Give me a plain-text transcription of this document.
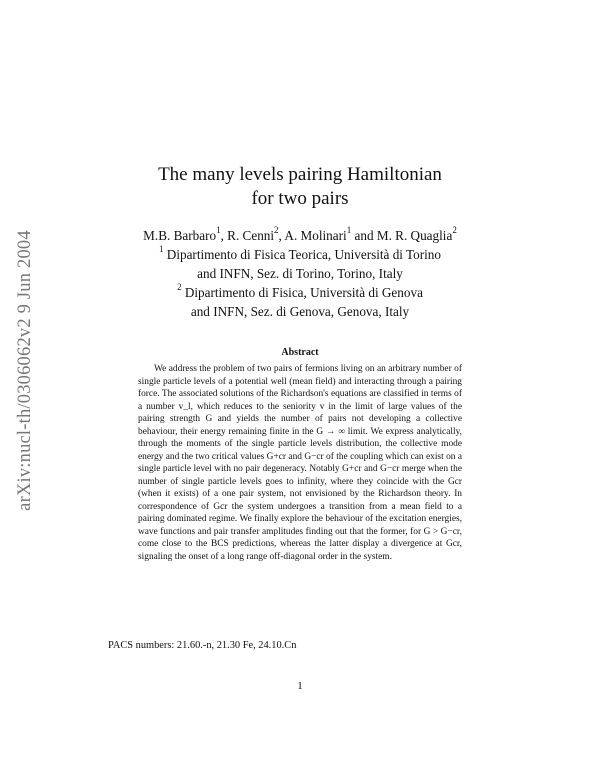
arXiv:nucl-th/0306062v2 9 Jun 2004
The many levels pairing Hamiltonian
for two pairs
M.B. Barbaro$^1$, R. Cenni$^2$, A. Molinari$^1$ and M. R. Quaglia$^2$
$^1$ Dipartimento di Fisica Teorica, Università di Torino
and INFN, Sez. di Torino, Torino, Italy
$^2$ Dipartimento di Fisica, Università di Genova
and INFN, Sez. di Genova, Genova, Italy
Abstract

We address the problem of two pairs of fermions living on an arbitrary number of single particle levels of a potential well (mean field) and interacting through a pairing force. The associated solutions of the Richardson's equations are classified in terms of a number v_l, which reduces to the seniority v in the limit of large values of the pairing strength G and yields the number of pairs not developing a collective behaviour, their energy remaining finite in the G → ∞ limit. We express analytically, through the moments of the single particle levels distribution, the collective mode energy and the two critical values G+cr and G−cr of the coupling which can exist on a single particle level with no pair degeneracy. Notably G+cr and G−cr merge when the number of single particle levels goes to infinity, where they coincide with the Gcr (when it exists) of a one pair system, not envisioned by the Richardson theory. In correspondence of Gcr the system undergoes a transition from a mean field to a pairing dominated regime. We finally explore the behaviour of the excitation energies, wave functions and pair transfer amplitudes finding out that the former, for G > G−cr, come close to the BCS predictions, whereas the latter display a divergence at Gcr, signaling the onset of a long range off-diagonal order in the system.

PACS numbers: 21.60.-n, 21.30 Fe, 24.10.Cn
1
